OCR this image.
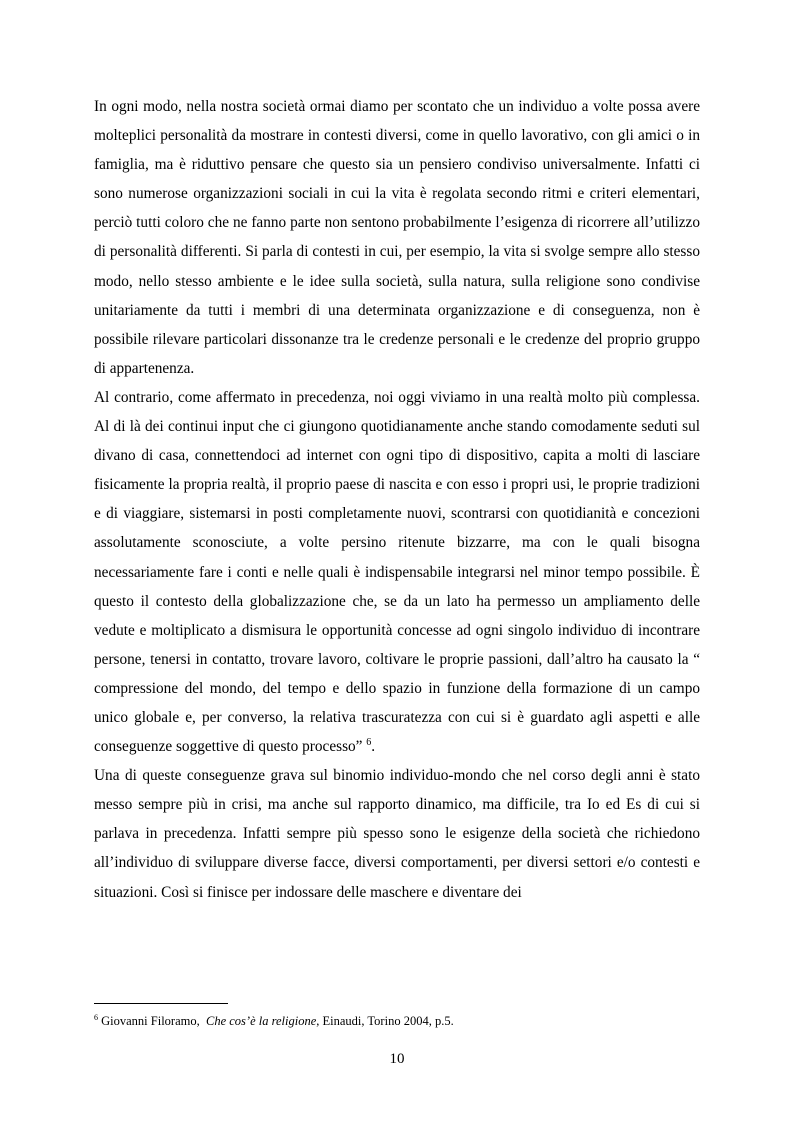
In ogni modo, nella nostra società ormai diamo per scontato che un individuo a volte possa avere molteplici personalità da mostrare in contesti diversi, come in quello lavorativo, con gli amici o in famiglia, ma è riduttivo pensare che questo sia un pensiero condiviso universalmente. Infatti ci sono numerose organizzazioni sociali in cui la vita è regolata secondo ritmi e criteri elementari, perciò tutti coloro che ne fanno parte non sentono probabilmente l’esigenza di ricorrere all’utilizzo di personalità differenti. Si parla di contesti in cui, per esempio, la vita si svolge sempre allo stesso modo, nello stesso ambiente e le idee sulla società, sulla natura, sulla religione sono condivise unitariamente da tutti i membri di una determinata organizzazione e di conseguenza, non è possibile rilevare particolari dissonanze tra le credenze personali e le credenze del proprio gruppo di appartenenza.

Al contrario, come affermato in precedenza, noi oggi viviamo in una realtà molto più complessa. Al di là dei continui input che ci giungono quotidianamente anche stando comodamente seduti sul divano di casa, connettendoci ad internet con ogni tipo di dispositivo, capita a molti di lasciare fisicamente la propria realtà, il proprio paese di nascita e con esso i propri usi, le proprie tradizioni e di viaggiare, sistemarsi in posti completamente nuovi, scontrarsi con quotidianità e concezioni assolutamente sconosciute, a volte persino ritenute bizzarre, ma con le quali bisogna necessariamente fare i conti e nelle quali è indispensabile integrarsi nel minor tempo possibile. È questo il contesto della globalizzazione che, se da un lato ha permesso un ampliamento delle vedute e moltiplicato a dismisura le opportunità concesse ad ogni singolo individuo di incontrare persone, tenersi in contatto, trovare lavoro, coltivare le proprie passioni, dall’altro ha causato la “ compressione del mondo, del tempo e dello spazio in funzione della formazione di un campo unico globale e, per converso, la relativa trascuratezza con cui si è guardato agli aspetti e alle conseguenze soggettive di questo processo” $^6$.

Una di queste conseguenze grava sul binomio individuo-mondo che nel corso degli anni è stato messo sempre più in crisi, ma anche sul rapporto dinamico, ma difficile, tra Io ed Es di cui si parlava in precedenza. Infatti sempre più spesso sono le esigenze della società che richiedono all’individuo di sviluppare diverse facce, diversi comportamenti, per diversi settori e/o contesti e situazioni. Così si finisce per indossare delle maschere e diventare dei

$^6$ Giovanni Filoramo, Che cos’è la religione, Einaudi, Torino 2004, p.5.
10
